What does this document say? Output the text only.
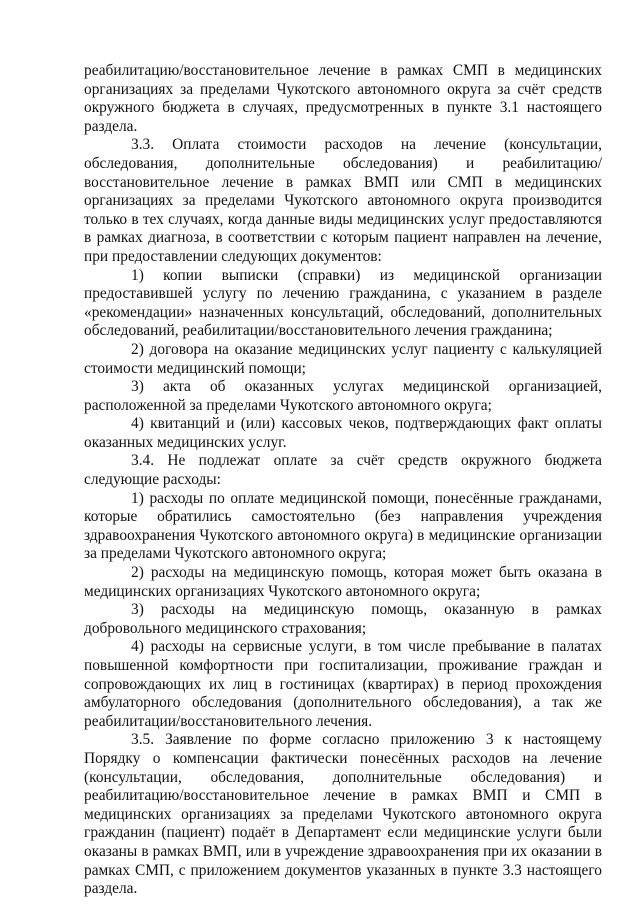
реабилитацию/восстановительное лечение в рамках СМП в медицинских организациях за пределами Чукотского автономного округа за счёт средств окружного бюджета в случаях, предусмотренных в пункте 3.1 настоящего раздела.

3.3. Оплата стоимости расходов на лечение (консультации, обследования, дополнительные обследования) и реабилитацию/восстановительное лечение в рамках ВМП или СМП в медицинских организациях за пределами Чукотского автономного округа производится только в тех случаях, когда данные виды медицинских услуг предоставляются в рамках диагноза, в соответствии с которым пациент направлен на лечение, при предоставлении следующих документов:

1) копии выписки (справки) из медицинской организации предоставившей услугу по лечению гражданина, с указанием в разделе «рекомендации» назначенных консультаций, обследований, дополнительных обследований, реабилитации/восстановительного лечения гражданина;

2) договора на оказание медицинских услуг пациенту с калькуляцией стоимости медицинский помощи;

3) акта об оказанных услугах медицинской организацией, расположенной за пределами Чукотского автономного округа;

4) квитанций и (или) кассовых чеков, подтверждающих факт оплаты оказанных медицинских услуг.

3.4. Не подлежат оплате за счёт средств окружного бюджета следующие расходы:

1) расходы по оплате медицинской помощи, понесённые гражданами, которые обратились самостоятельно (без направления учреждения здравоохранения Чукотского автономного округа) в медицинские организации за пределами Чукотского автономного округа;

2) расходы на медицинскую помощь, которая может быть оказана в медицинских организациях Чукотского автономного округа;

3) расходы на медицинскую помощь, оказанную в рамках добровольного медицинского страхования;

4) расходы на сервисные услуги, в том числе пребывание в палатах повышенной комфортности при госпитализации, проживание граждан и сопровождающих их лиц в гостиницах (квартирах) в период прохождения амбулаторного обследования (дополнительного обследования), а так же реабилитации/восстановительного лечения.

3.5. Заявление по форме согласно приложению 3 к настоящему Порядку о компенсации фактически понесённых расходов на лечение (консультации, обследования, дополнительные обследования) и реабилитацию/восстановительное лечение в рамках ВМП и СМП в медицинских организациях за пределами Чукотского автономного округа гражданин (пациент) подаёт в Департамент если медицинские услуги были оказаны в рамках ВМП, или в учреждение здравоохранения при их оказании в рамках СМП, с приложением документов указанных в пункте 3.3 настоящего раздела.
